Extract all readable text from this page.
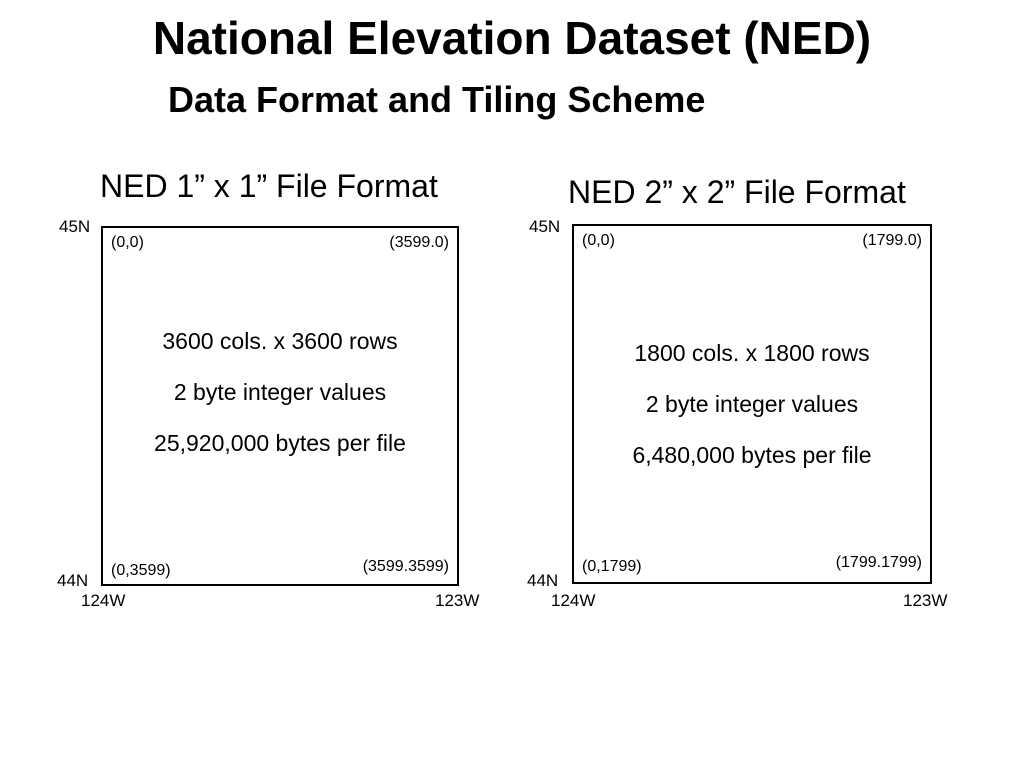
National Elevation Dataset (NED)
Data Format and Tiling Scheme
NED 1” x 1” File Format
45N
(0,0)	(3599.0)
3600 cols. x 3600 rows
2 byte integer values
25,920,000 bytes per file
(0,3599)	(3599.3599)
44N
124W	123W
NED 2” x 2” File Format
45N
(0,0)	(1799.0)
1800 cols. x 1800 rows
2 byte integer values
6,480,000 bytes per file
(0,1799)	(1799.1799)
44N
124W	123W
